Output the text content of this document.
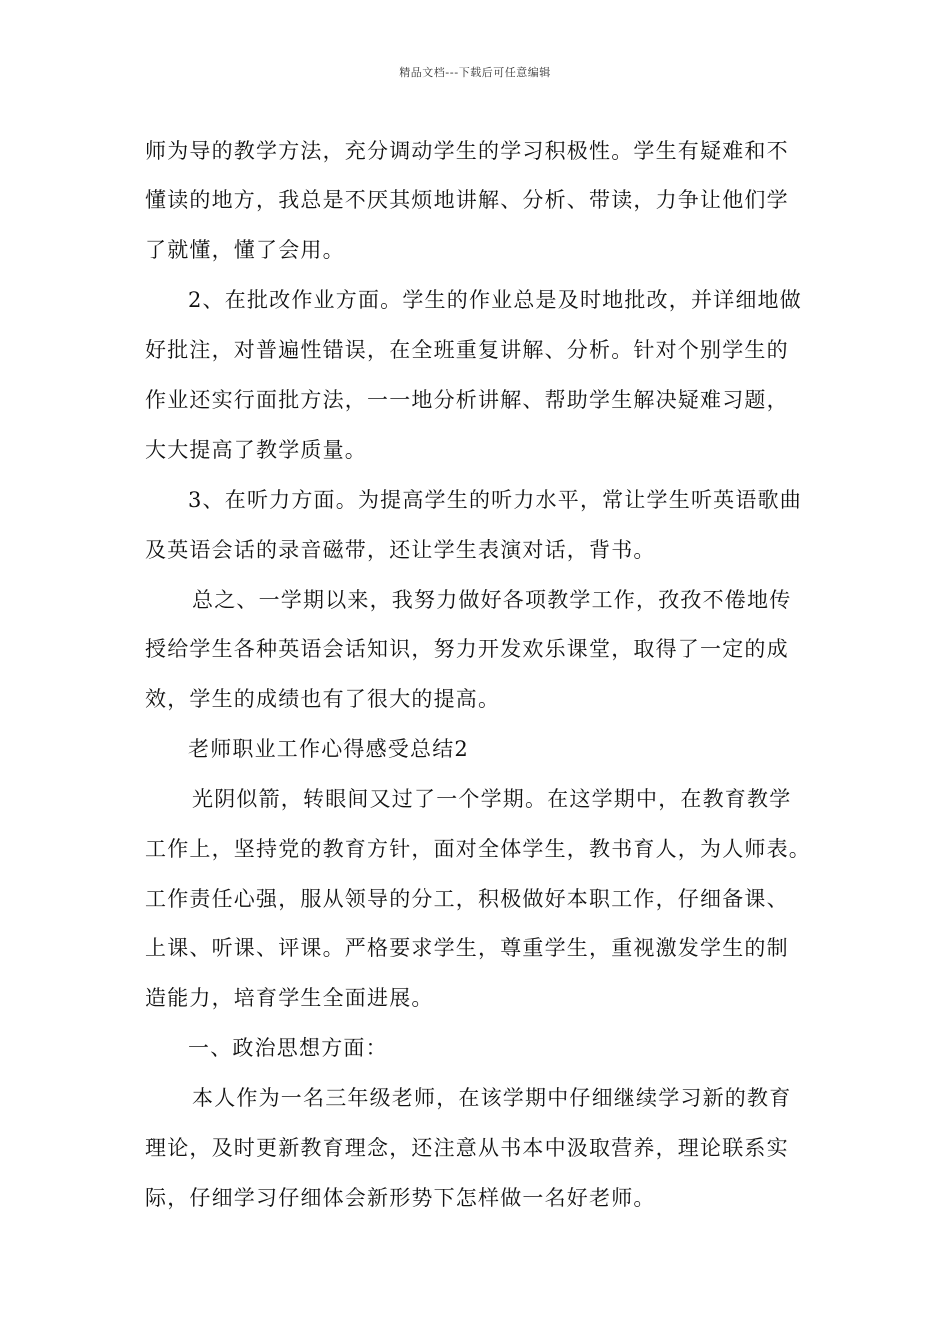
精品文档---下载后可任意编辑
师为导的教学方法，充分调动学生的学习积极性。学生有疑难和不
懂读的地方，我总是不厌其烦地讲解、分析、带读，力争让他们学
了就懂，懂了会用。
2、在批改作业方面。学生的作业总是及时地批改，并详细地做
好批注，对普遍性错误，在全班重复讲解、分析。针对个别学生的
作业还实行面批方法，一一地分析讲解、帮助学生解决疑难习题，
大大提高了教学质量。
3、在听力方面。为提高学生的听力水平，常让学生听英语歌曲
及英语会话的录音磁带，还让学生表演对话，背书。
总之、一学期以来，我努力做好各项教学工作，孜孜不倦地传
授给学生各种英语会话知识，努力开发欢乐课堂，取得了一定的成
效，学生的成绩也有了很大的提高。
老师职业工作心得感受总结2
光阴似箭，转眼间又过了一个学期。在这学期中，在教育教学
工作上，坚持党的教育方针，面对全体学生，教书育人，为人师表。
工作责任心强，服从领导的分工，积极做好本职工作，仔细备课、
上课、听课、评课。严格要求学生，尊重学生，重视激发学生的制
造能力，培育学生全面进展。
一、政治思想方面：
本人作为一名三年级老师，在该学期中仔细继续学习新的教育
理论，及时更新教育理念，还注意从书本中汲取营养，理论联系实
际，仔细学习仔细体会新形势下怎样做一名好老师。
